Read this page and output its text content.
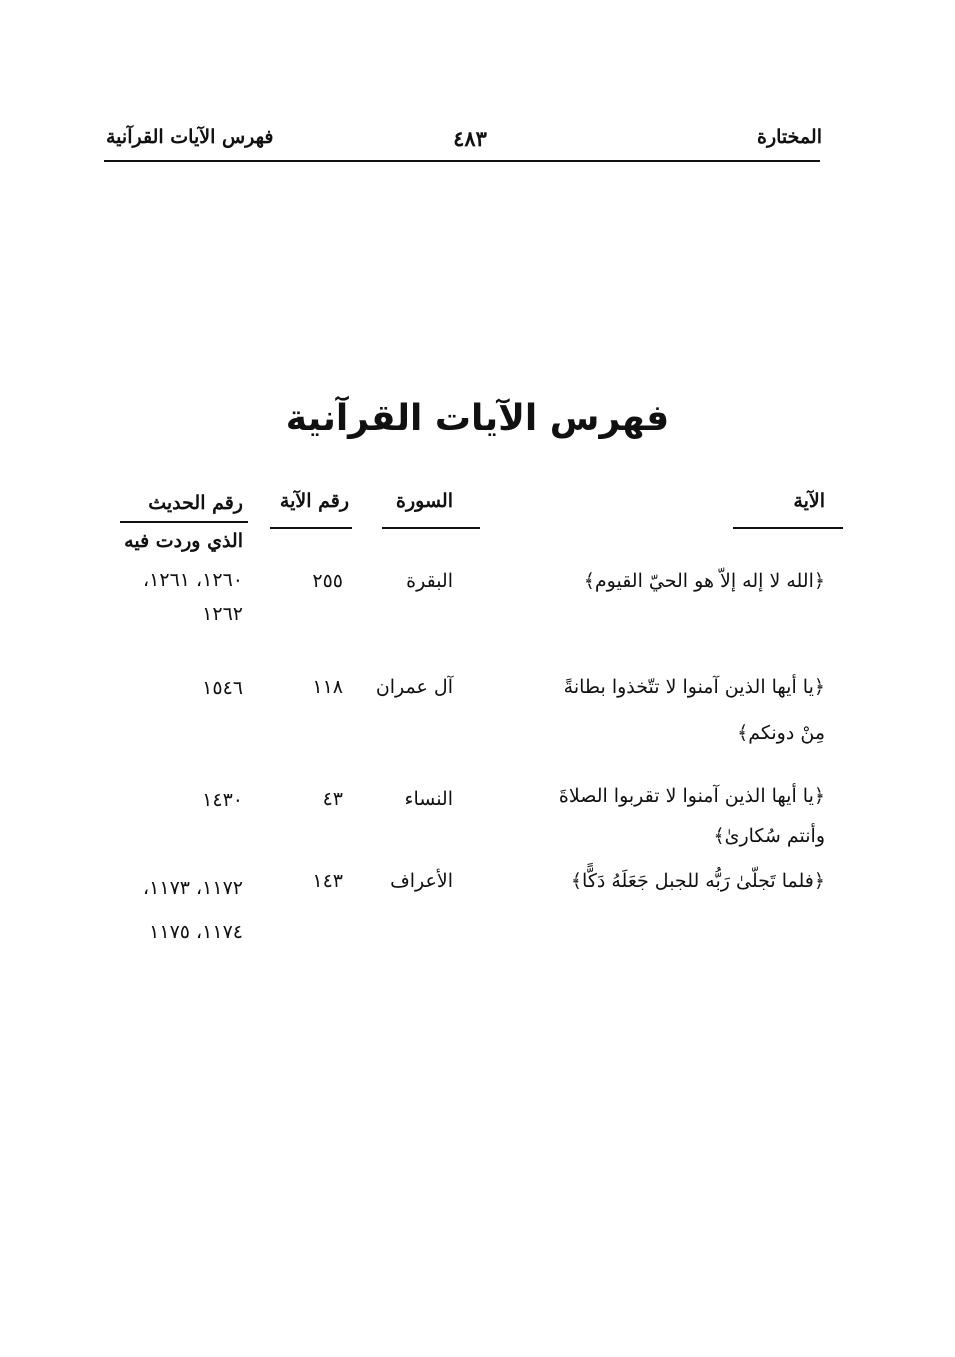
المختارة
٤٨٣
فهرس الآيات القرآنية
فهرس الآيات القرآنية
الآية
السورة
رقم الآية
رقم الحديث
الذي وردت فيه
﴿الله لا إله إلاّ هو الحيّ القيوم﴾
البقرة
٢٥٥
١٢٦٠، ١٢٦١،
١٢٦٢
﴿يا أيها الذين آمنوا لا تتّخذوا بطانةً
مِنْ دونكم﴾
آل عمران
١١٨
١٥٤٦
﴿يا أيها الذين آمنوا لا تقربوا الصلاةَ
وأنتم سُكارىٰ﴾
النساء
٤٣
١٤٣٠
﴿فلما تَجلّىٰ رَبُّه للجبل جَعَلَهُ دَكًّا﴾
الأعراف
١٤٣
١١٧٢، ١١٧٣،
١١٧٤، ١١٧٥
